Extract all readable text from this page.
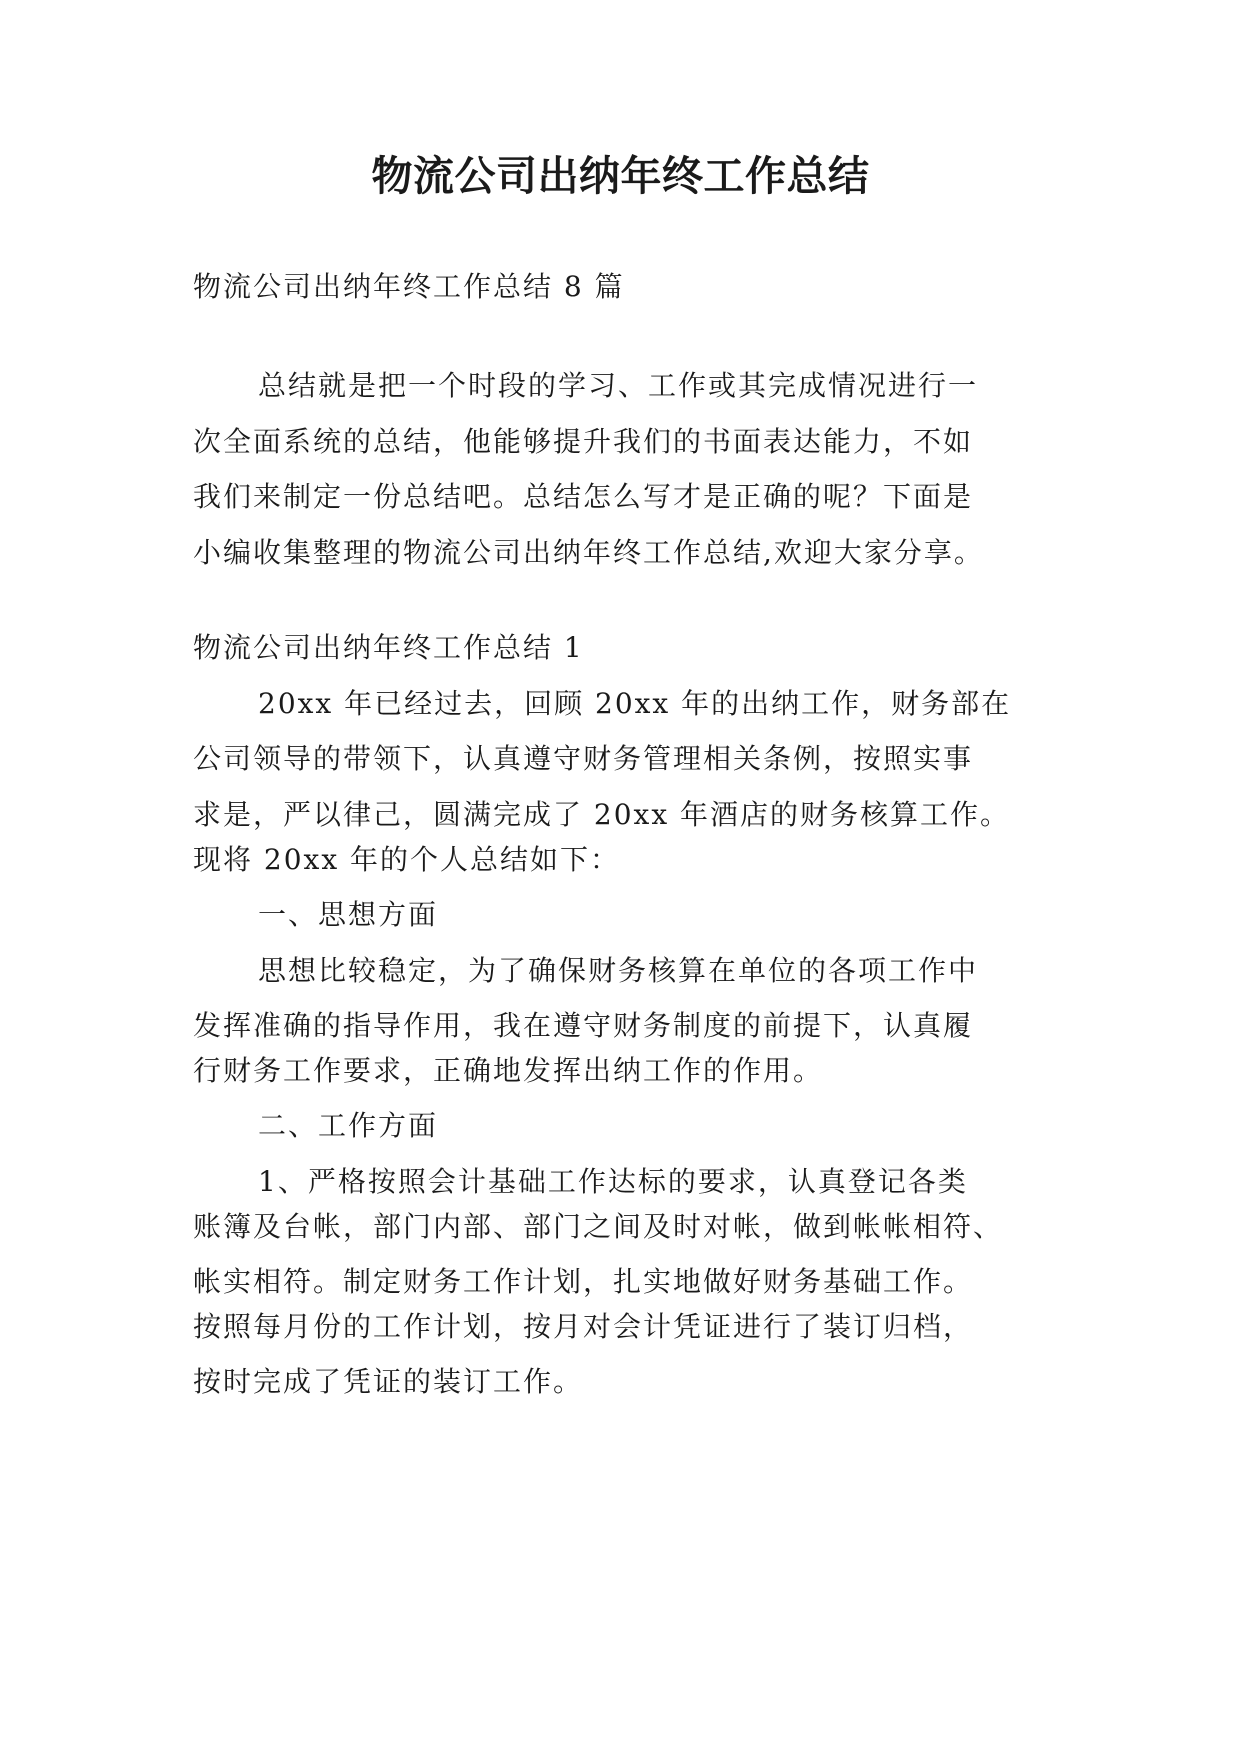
物流公司出纳年终工作总结
物流公司出纳年终工作总结 8 篇
总结就是把一个时段的学习、工作或其完成情况进行一
次全面系统的总结，他能够提升我们的书面表达能力，不如
我们来制定一份总结吧。总结怎么写才是正确的呢？下面是
小编收集整理的物流公司出纳年终工作总结,欢迎大家分享。
物流公司出纳年终工作总结 1
20xx 年已经过去，回顾 20xx 年的出纳工作，财务部在
公司领导的带领下，认真遵守财务管理相关条例，按照实事
求是，严以律己，圆满完成了 20xx 年酒店的财务核算工作。
现将 20xx 年的个人总结如下：
一、思想方面
思想比较稳定，为了确保财务核算在单位的各项工作中
发挥准确的指导作用，我在遵守财务制度的前提下，认真履
行财务工作要求，正确地发挥出纳工作的作用。
二、工作方面
1、严格按照会计基础工作达标的要求，认真登记各类
账簿及台帐，部门内部、部门之间及时对帐，做到帐帐相符、
帐实相符。制定财务工作计划，扎实地做好财务基础工作。
按照每月份的工作计划，按月对会计凭证进行了装订归档，
按时完成了凭证的装订工作。
